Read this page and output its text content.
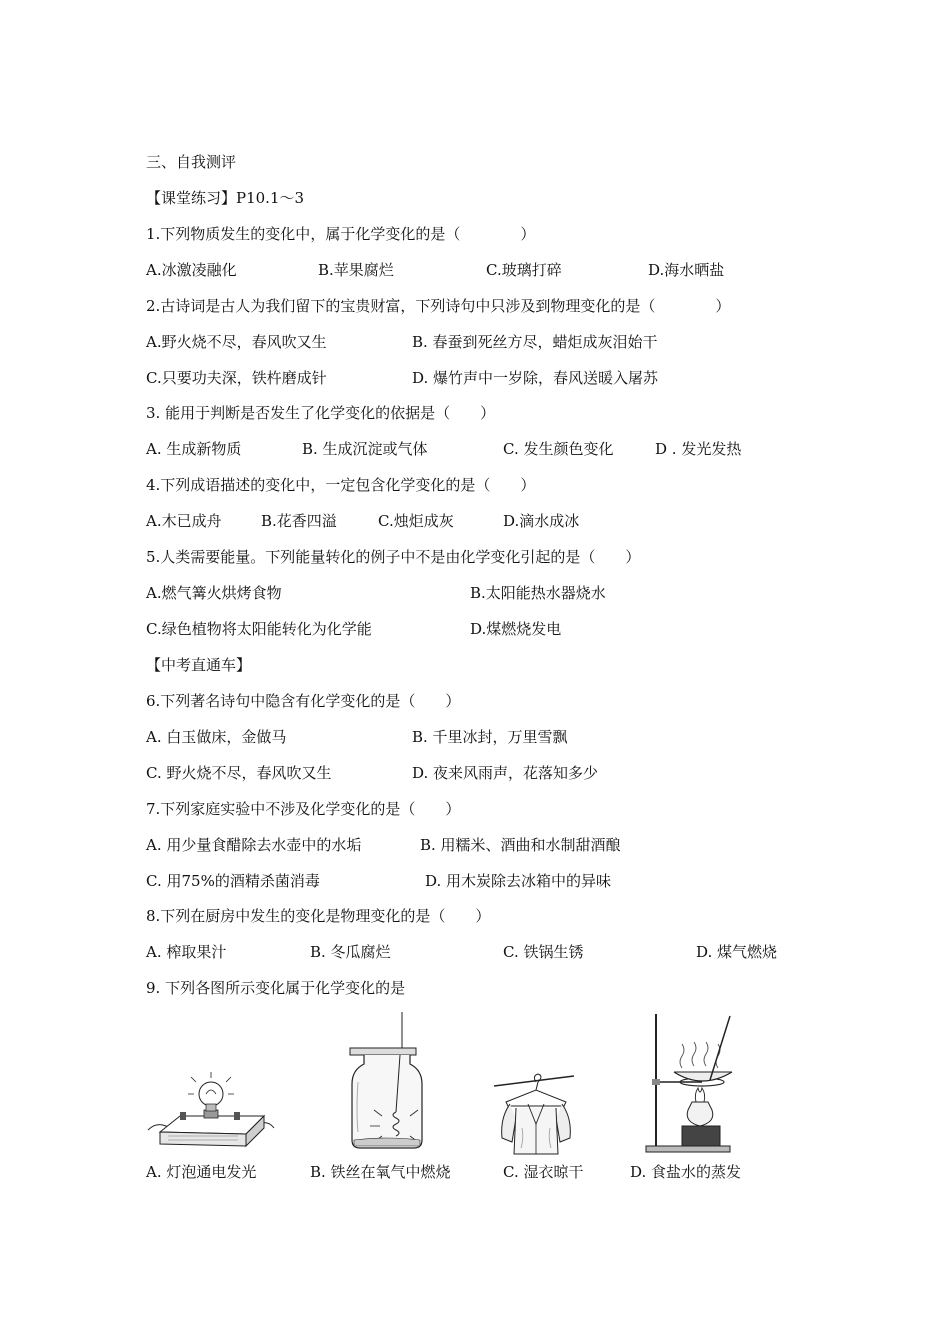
三、自我测评
【课堂练习】P10.1～3
1.下列物质发生的变化中，属于化学变化的是（　　　　）
A.冰激凌融化	B.苹果腐烂	C.玻璃打碎	D.海水晒盐
2.古诗词是古人为我们留下的宝贵财富，下列诗句中只涉及到物理变化的是（　　　　）
A.野火烧不尽，春风吹又生	B. 春蚕到死丝方尽，蜡炬成灰泪始干
C.只要功夫深，铁杵磨成针	D. 爆竹声中一岁除，春风送暖入屠苏
3. 能用于判断是否发生了化学变化的依据是（　　）
A. 生成新物质	B. 生成沉淀或气体	C. 发生颜色变化	D . 发光发热
4.下列成语描述的变化中，一定包含化学变化的是（　　）
A.木已成舟	B.花香四溢	C.烛炬成灰	D.滴水成冰
5.人类需要能量。下列能量转化的例子中不是由化学变化引起的是（　　）
A.燃气篝火烘烤食物	B.太阳能热水器烧水
C.绿色植物将太阳能转化为化学能	D.煤燃烧发电
【中考直通车】
6.下列著名诗句中隐含有化学变化的是（　　）
A. 白玉做床，金做马	B. 千里冰封，万里雪飘
C. 野火烧不尽，春风吹又生	D. 夜来风雨声，花落知多少
7.下列家庭实验中不涉及化学变化的是（　　）
A. 用少量食醋除去水壶中的水垢	B. 用糯米、酒曲和水制甜酒酿
C. 用75%的酒精杀菌消毒	D. 用木炭除去冰箱中的异味
8.下列在厨房中发生的变化是物理变化的是（　　）
A. 榨取果汁	B. 冬瓜腐烂	C. 铁锅生锈	D. 煤气燃烧
9. 下列各图所示变化属于化学变化的是
A. 灯泡通电发光	B. 铁丝在氧气中燃烧	C. 湿衣晾干	D. 食盐水的蒸发
